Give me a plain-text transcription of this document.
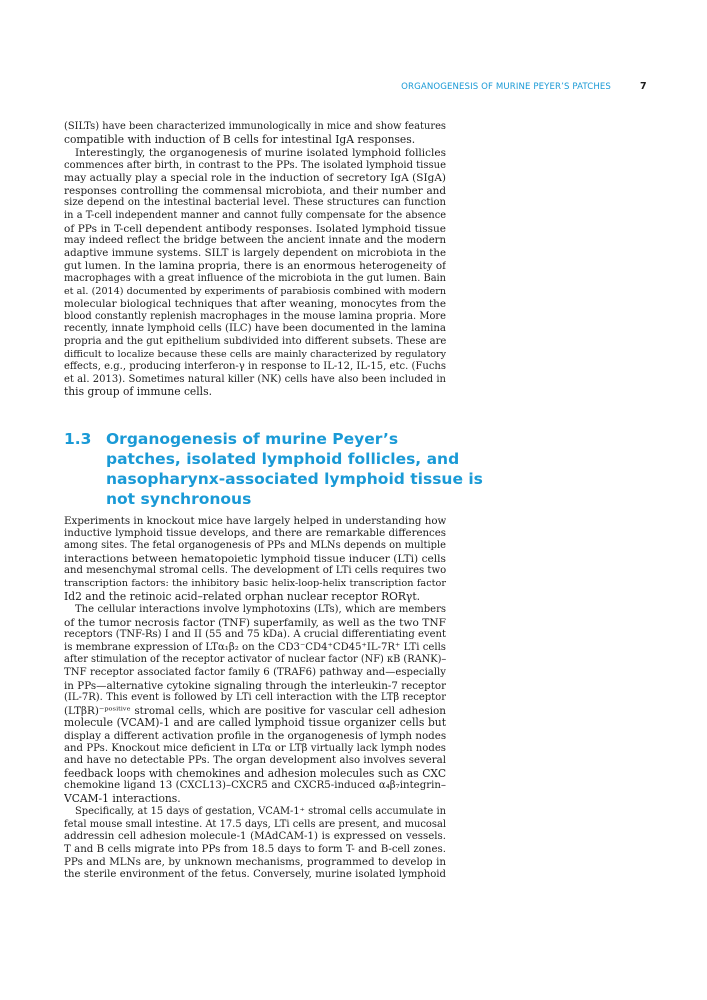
ORGANOGENESIS OF MURINE PEYER’S PATCHES	7
(SILTs) have been characterized immunologically in mice and show features
compatible with induction of B cells for intestinal IgA responses.
Interestingly, the organogenesis of murine isolated lymphoid follicles
commences after birth, in contrast to the PPs. The isolated lymphoid tissue
may actually play a special role in the induction of secretory IgA (SIgA)
responses controlling the commensal microbiota, and their number and
size depend on the intestinal bacterial level. These structures can function
in a T-cell independent manner and cannot fully compensate for the absence
of PPs in T-cell dependent antibody responses. Isolated lymphoid tissue
may indeed reflect the bridge between the ancient innate and the modern
adaptive immune systems. SILT is largely dependent on microbiota in the
gut lumen. In the lamina propria, there is an enormous heterogeneity of
macrophages with a great influence of the microbiota in the gut lumen. Bain
et al. (2014) documented by experiments of parabiosis combined with modern
molecular biological techniques that after weaning, monocytes from the
blood constantly replenish macrophages in the mouse lamina propria. More
recently, innate lymphoid cells (ILC) have been documented in the lamina
propria and the gut epithelium subdivided into different subsets. These are
difficult to localize because these cells are mainly characterized by regulatory
effects, e.g., producing interferon-γ in response to IL-12, IL-15, etc. (Fuchs
et al. 2013). Sometimes natural killer (NK) cells have also been included in
this group of immune cells.
1.3 Organogenesis of murine Peyer’s
patches, isolated lymphoid follicles, and
nasopharynx-associated lymphoid tissue is
not synchronous
Experiments in knockout mice have largely helped in understanding how
inductive lymphoid tissue develops, and there are remarkable differences
among sites. The fetal organogenesis of PPs and MLNs depends on multiple
interactions between hematopoietic lymphoid tissue inducer (LTi) cells
and mesenchymal stromal cells. The development of LTi cells requires two
transcription factors: the inhibitory basic helix-loop-helix transcription factor
Id2 and the retinoic acid–related orphan nuclear receptor RORγt.
The cellular interactions involve lymphotoxins (LTs), which are members
of the tumor necrosis factor (TNF) superfamily, as well as the two TNF
receptors (TNF-Rs) I and II (55 and 75 kDa). A crucial differentiating event
is membrane expression of LTα₁β₂ on the CD3⁻CD4⁺CD45⁺IL-7R⁺ LTi cells
after stimulation of the receptor activator of nuclear factor (NF) κB (RANK)–
TNF receptor associated factor family 6 (TRAF6) pathway and—especially
in PPs—alternative cytokine signaling through the interleukin-7 receptor
(IL-7R). This event is followed by LTi cell interaction with the LTβ receptor
(LTβR)⁻ᵖᵒˢⁱᵗⁱᵛᵉ stromal cells, which are positive for vascular cell adhesion
molecule (VCAM)-1 and are called lymphoid tissue organizer cells but
display a different activation profile in the organogenesis of lymph nodes
and PPs. Knockout mice deficient in LTα or LTβ virtually lack lymph nodes
and have no detectable PPs. The organ development also involves several
feedback loops with chemokines and adhesion molecules such as CXC
chemokine ligand 13 (CXCL13)–CXCR5 and CXCR5-induced α₄β₇integrin–
VCAM-1 interactions.
Specifically, at 15 days of gestation, VCAM-1⁺ stromal cells accumulate in
fetal mouse small intestine. At 17.5 days, LTi cells are present, and mucosal
addressin cell adhesion molecule-1 (MAdCAM-1) is expressed on vessels.
T and B cells migrate into PPs from 18.5 days to form T- and B-cell zones.
PPs and MLNs are, by unknown mechanisms, programmed to develop in
the sterile environment of the fetus. Conversely, murine isolated lymphoid
